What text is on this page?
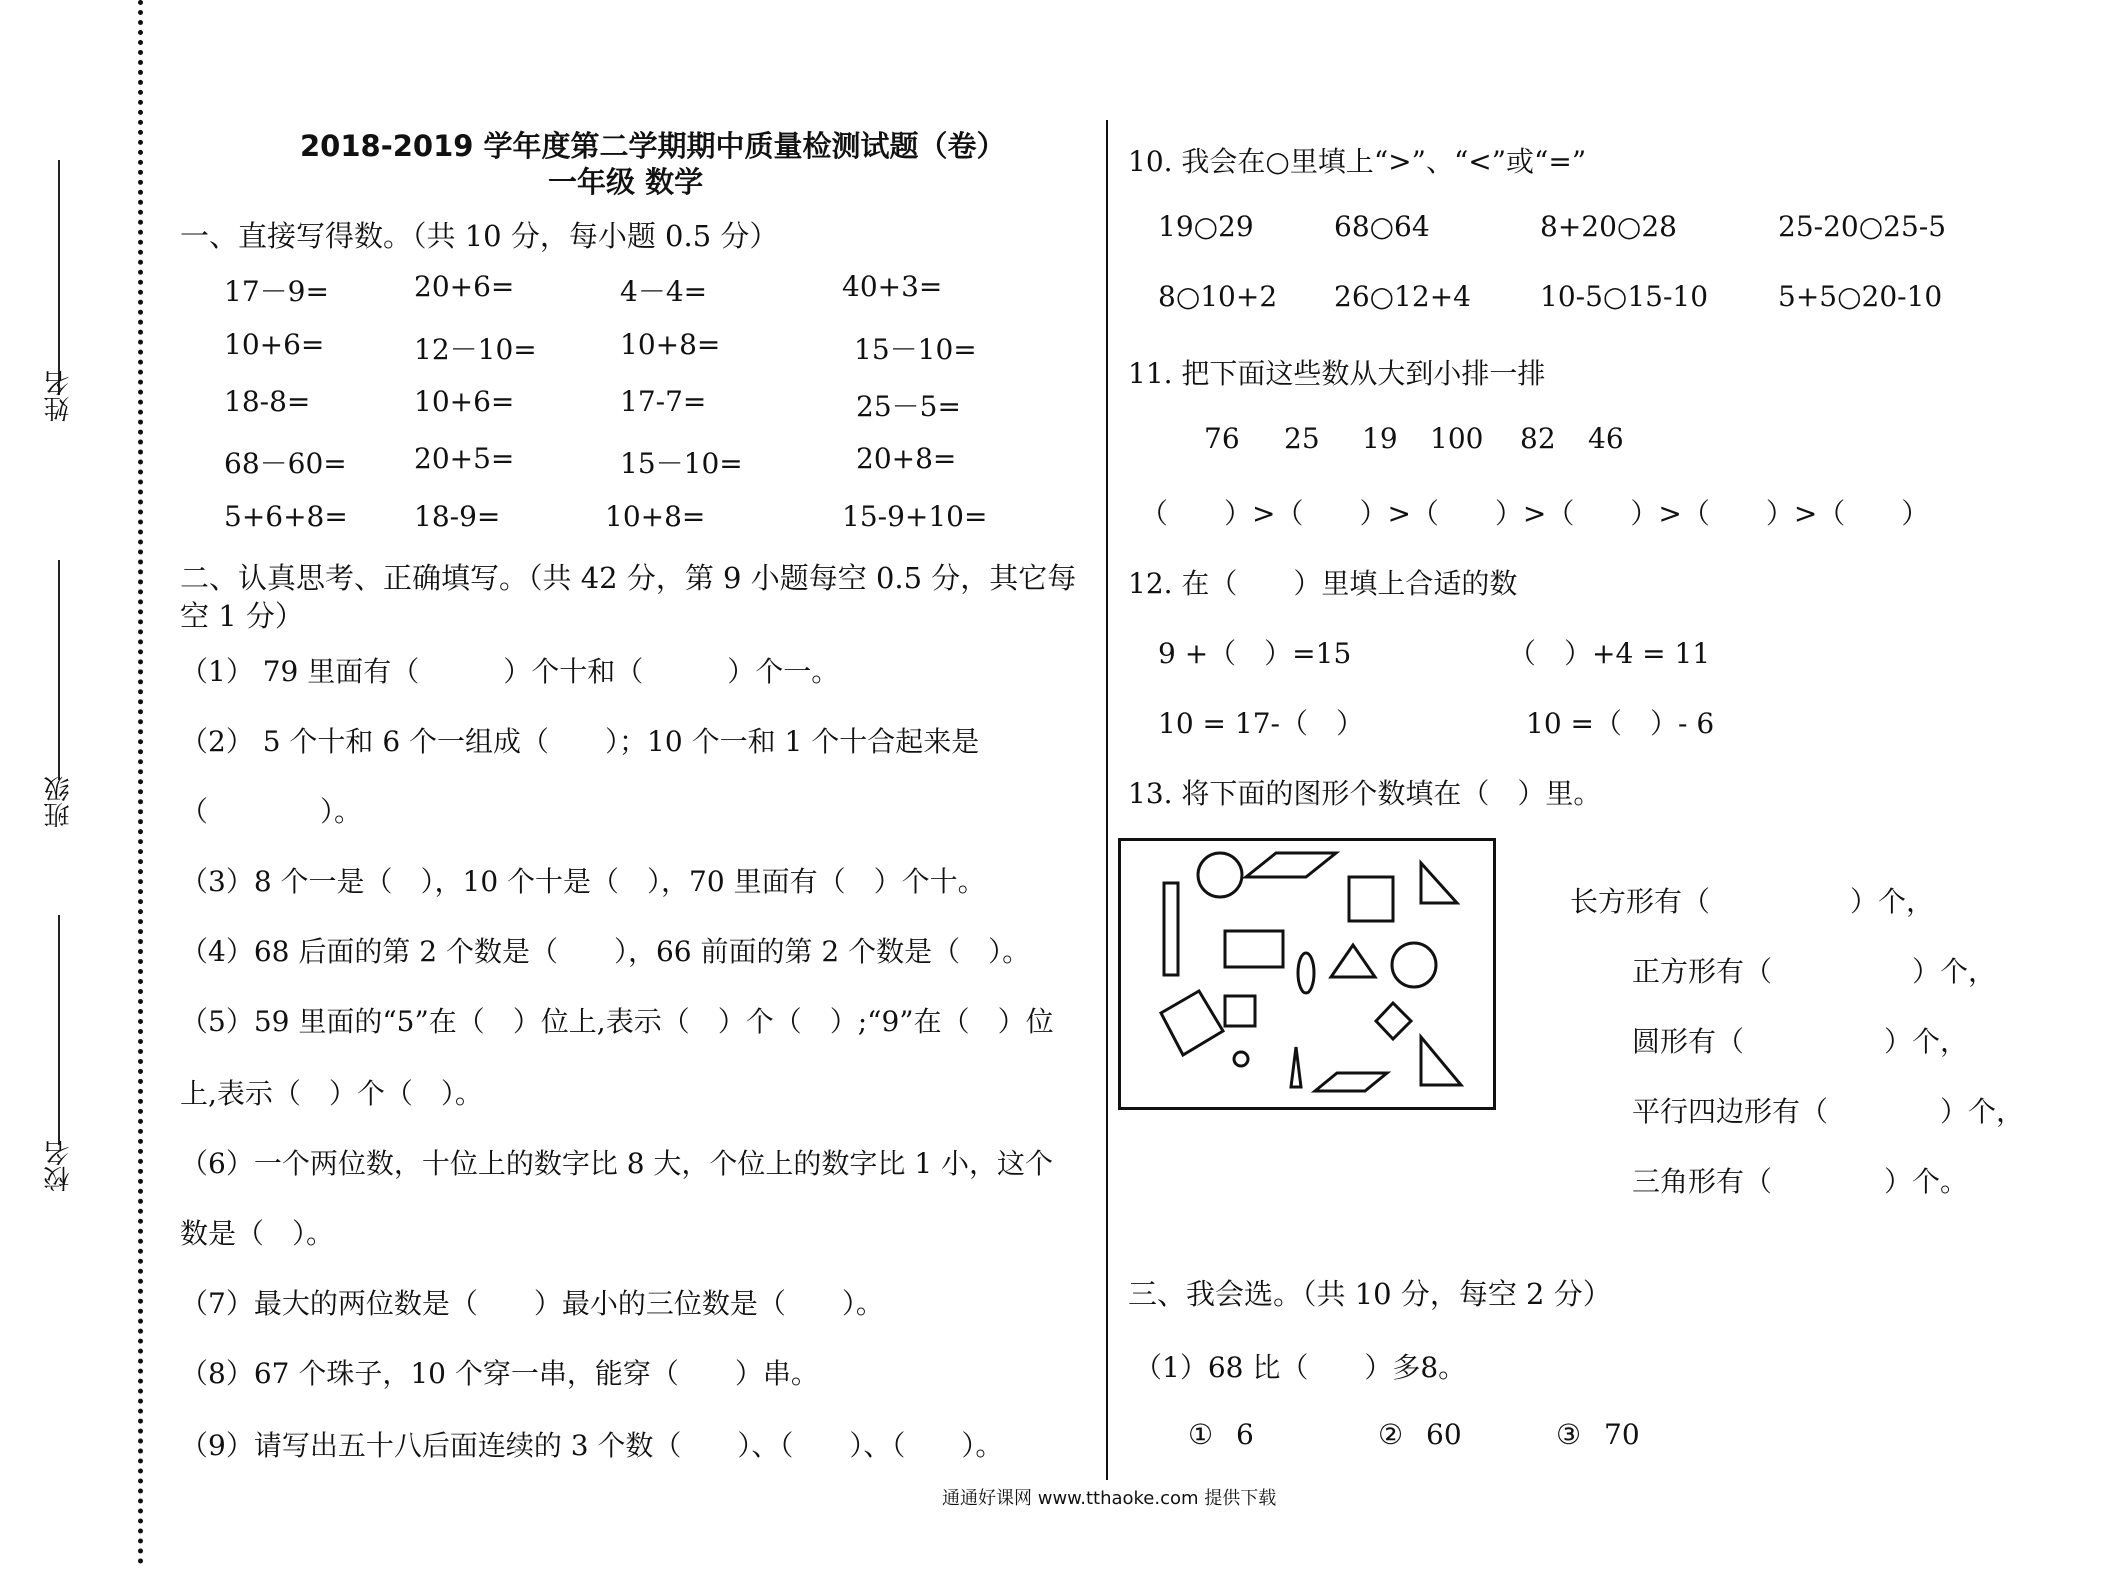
姓名
班级
校名
2018-2019 学年度第二学期期中质量检测试题（卷）
一年级 数学
一、直接写得数。（共 10 分，每小题 0.5 分）
17－9=	20+6=	4－4=	40+3=
10+6=	12－10=	10+8=	15－10=
18-8=	10+6=	17-7=	25－5=
68－60= 20+5=	15－10=	20+8=
5+6+8= 18-9=	10+8=	15-9+10=
二、认真思考、正确填写。（共 42 分，第 9 小题每空 0.5 分，其它每
空 1 分）
（1） 79 里面有（　　　）个十和（　　　）个一。
（2） 5 个十和 6 个一组成（　　）；10 个一和 1 个十合起来是
（　　　　）。
（3）8 个一是（　），10 个十是（　），70 里面有（　）个十。
（4）68 后面的第 2 个数是（　　），66 前面的第 2 个数是（　）。
（5）59 里面的“5”在（　）位上,表示（　）个（　）;“9”在（　）位
上,表示（　）个（　）。
（6）一个两位数，十位上的数字比 8 大，个位上的数字比 1 小，这个
数是（　）。
（7）最大的两位数是（　　）最小的三位数是（　　）。
（8）67 个珠子，10 个穿一串，能穿（　　）串。
（9）请写出五十八后面连续的 3 个数（　　）、（　　）、（　　）。
10. 我会在○里填上“>”、“<”或“=”
19○29	68○64	8+20○28	25-20○25-5
8○10+2 26○12+4 10-5○15-10 5+5○20-10
11. 把下面这些数从大到小排一排
76 25 19 100 82 46
（　　）>（　　）>（　　）>（　　）>（　　）>（　　）
12. 在（　　）里填上合适的数
9 +（　）=15	（　）+4 = 11
10 = 17-（　）	10 =（　）- 6
13. 将下面的图形个数填在（　）里。
长方形有（　　　　　）个，
正方形有（　　　　　）个，
圆形有（　　　　　）个，
平行四边形有（　　　　）个，
三角形有（　　　　）个。
三、我会选。（共 10 分，每空 2 分）
（1）68 比（　　）多8。
① 6	② 60	③ 70
通通好课网 www.tthaoke.com 提供下载
